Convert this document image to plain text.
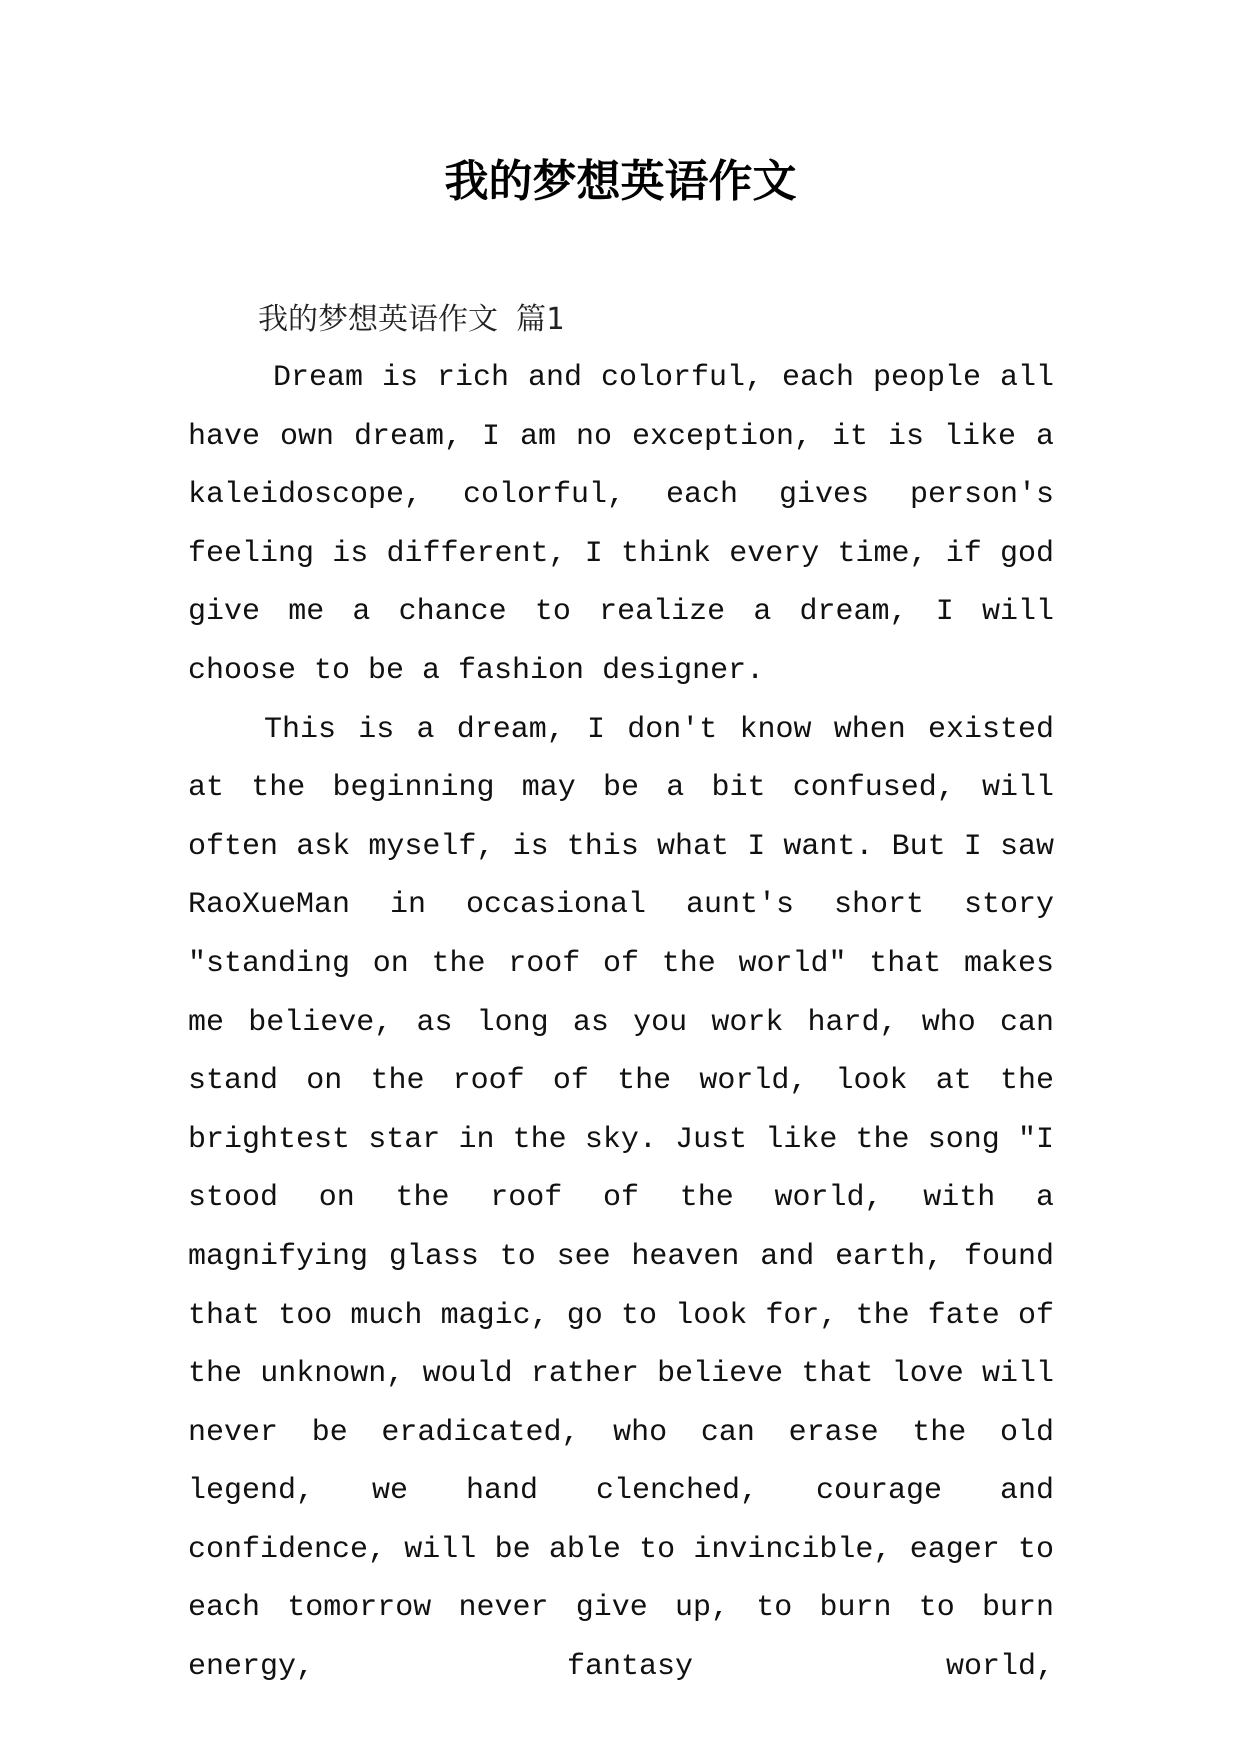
我的梦想英语作文

我的梦想英语作文 篇1

Dream is rich and colorful, each people all have own dream, I am no exception, it is like a kaleidoscope, colorful, each gives person's feeling is different, I think every time, if god give me a chance to realize a dream, I will choose to be a fashion designer.

This is a dream, I don't know when existed at the beginning may be a bit confused, will often ask myself, is this what I want. But I saw RaoXueMan in occasional aunt's short story "standing on the roof of the world" that makes me believe, as long as you work hard, who can stand on the roof of the world, look at the brightest star in the sky. Just like the song "I stood on the roof of the world, with a magnifying glass to see heaven and earth, found that too much magic, go to look for, the fate of the unknown, would rather believe that love will never be eradicated, who can erase the old legend, we hand clenched, courage and confidence, will be able to invincible, eager to each tomorrow never give up, to burn to burn energy, fantasy world,
